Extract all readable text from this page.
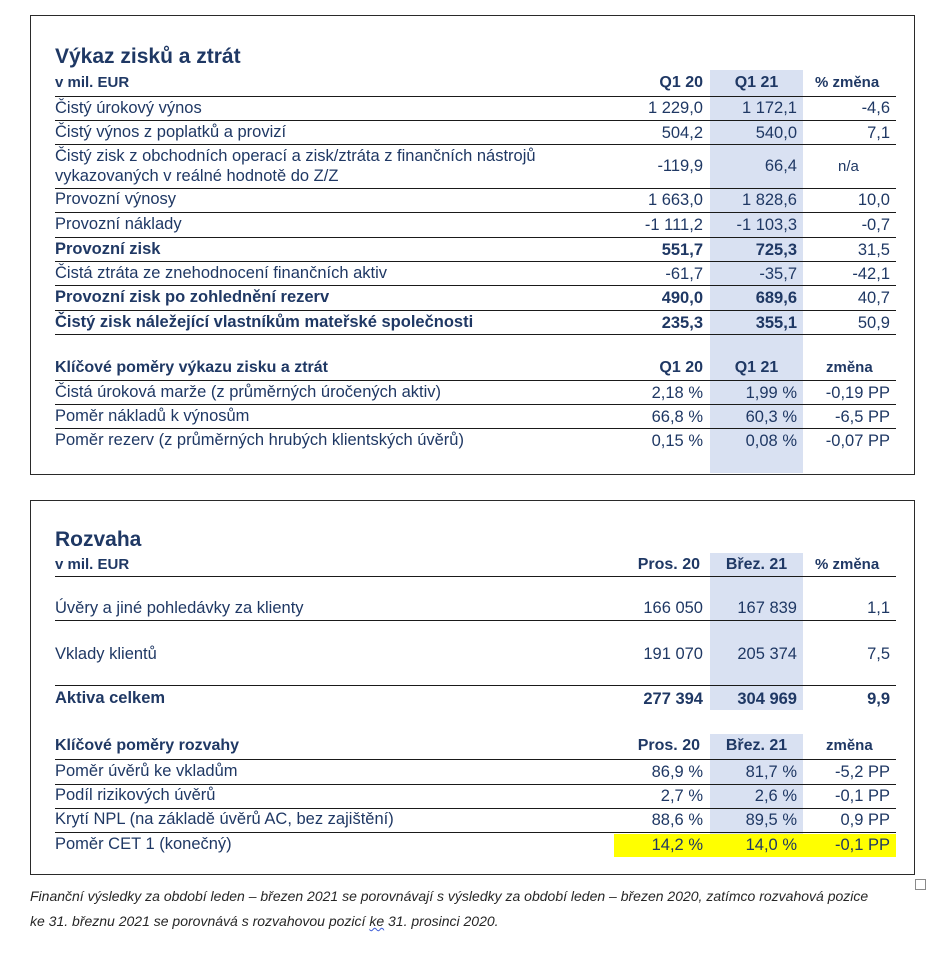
Výkaz zisků a ztrát
v mil. EUR	Q1 20	Q1 21	% změna
Čistý úrokový výnos	1 229,0	1 172,1	-4,6
Čistý výnos z poplatků a provizí	504,2	540,0	7,1
Čistý zisk z obchodních operací a zisk/ztráta z finančních nástrojů
vykazovaných v reálné hodnotě do Z/Z
-119,9	66,4	n/a
Provozní výnosy	1 663,0	1 828,6	10,0
Provozní náklady	-1 111,2	-1 103,3	-0,7
Provozní zisk	551,7	725,3	31,5
Čistá ztráta ze znehodnocení finančních aktiv	-61,7	-35,7	-42,1
Provozní zisk po zohlednění rezerv	490,0	689,6	40,7
Čistý zisk náležející vlastníkům mateřské společnosti	235,3	355,1	50,9
Klíčové poměry výkazu zisku a ztrát	Q1 20	Q1 21	změna
Čistá úroková marže (z průměrných úročených aktiv)	2,18 %	1,99 %	-0,19 PP
Poměr nákladů k výnosům	66,8 %	60,3 %	-6,5 PP
Poměr rezerv (z průměrných hrubých klientských úvěrů)	0,15 %	0,08 %	-0,07 PP
Rozvaha
v mil. EUR	Pros. 20	Břez. 21	% změna
Úvěry a jiné pohledávky za klienty	166 050	167 839	1,1
Vklady klientů	191 070	205 374	7,5
Aktiva celkem	277 394	304 969	9,9
Klíčové poměry rozvahy	Pros. 20	Břez. 21	změna
Poměr úvěrů ke vkladům	86,9 %	81,7 %	-5,2 PP
Podíl rizikových úvěrů	2,7 %	2,6 %	-0,1 PP
Krytí NPL (na základě úvěrů AC, bez zajištění)	88,6 %	89,5 %	0,9 PP
Poměr CET 1 (konečný)	14,2 %	14,0 %	-0,1 PP
Finanční výsledky za období leden – březen 2021 se porovnávají s výsledky za období leden – březen 2020, zatímco rozvahová pozice
ke 31. březnu 2021 se porovnává s rozvahovou pozicí ke 31. prosinci 2020.
